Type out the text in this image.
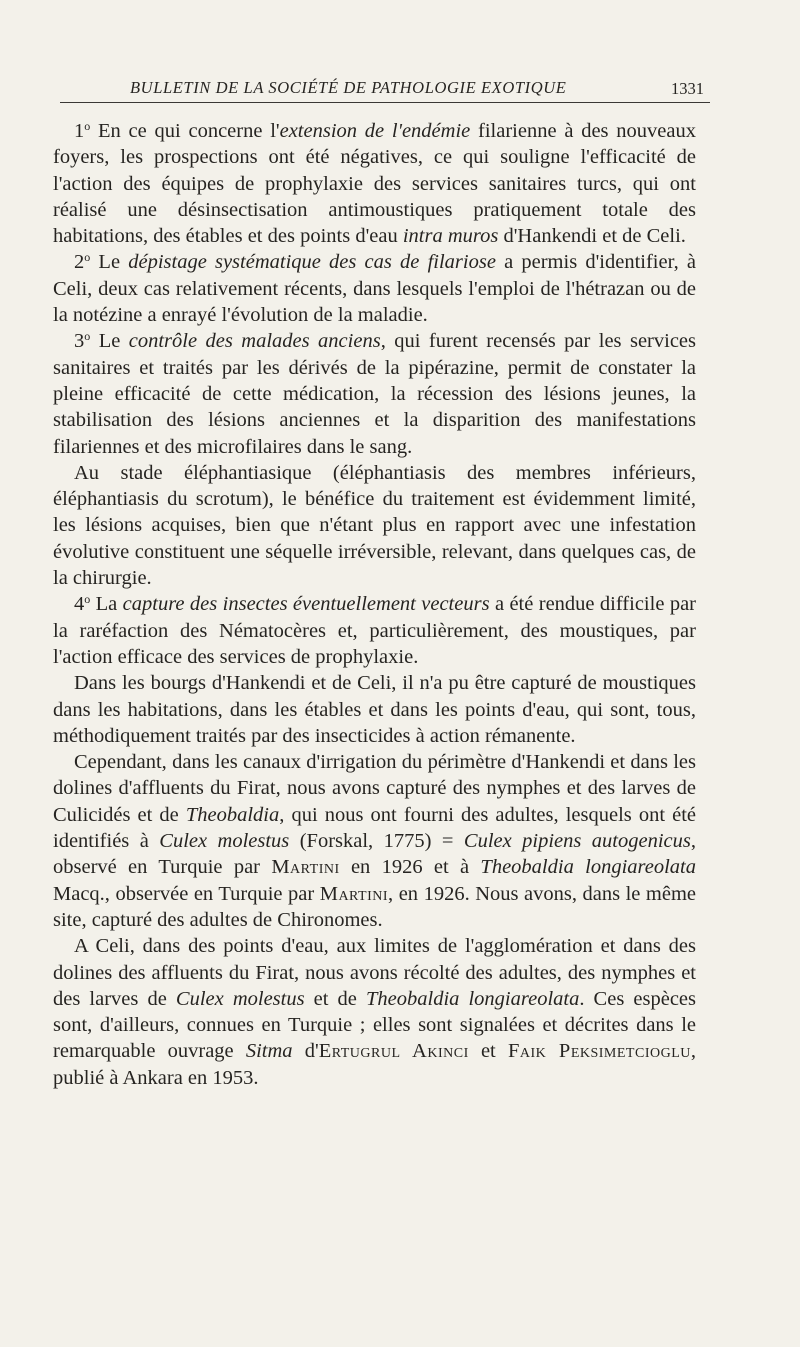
BULLETIN DE LA SOCIÉTÉ DE PATHOLOGIE EXOTIQUE	1331

1$^o$ En ce qui concerne l'extension de l'endémie filarienne à des nouveaux foyers, les prospections ont été négatives, ce qui souligne l'efficacité de l'action des équipes de prophylaxie des services sanitaires turcs, qui ont réalisé une désinsectisation antimoustiques pratiquement totale des habitations, des étables et des points d'eau intra muros d'Hankendi et de Celi.

2$^o$ Le dépistage systématique des cas de filariose a permis d'identifier, à Celi, deux cas relativement récents, dans lesquels l'emploi de l'hétrazan ou de la notézine a enrayé l'évolution de la maladie.

3$^o$ Le contrôle des malades anciens, qui furent recensés par les services sanitaires et traités par les dérivés de la pipérazine, permit de constater la pleine efficacité de cette médication, la récession des lésions jeunes, la stabilisation des lésions anciennes et la disparition des manifestations filariennes et des microfilaires dans le sang.

Au stade éléphantiasique (éléphantiasis des membres inférieurs, éléphantiasis du scrotum), le bénéfice du traitement est évidemment limité, les lésions acquises, bien que n'étant plus en rapport avec une infestation évolutive constituent une séquelle irréversible, relevant, dans quelques cas, de la chirurgie.

4$^o$ La capture des insectes éventuellement vecteurs a été rendue difficile par la raréfaction des Nématocères et, particulièrement, des moustiques, par l'action efficace des services de prophylaxie.

Dans les bourgs d'Hankendi et de Celi, il n'a pu être capturé de moustiques dans les habitations, dans les étables et dans les points d'eau, qui sont, tous, méthodiquement traités par des insecticides à action rémanente.

Cependant, dans les canaux d'irrigation du périmètre d'Hankendi et dans les dolines d'affluents du Firat, nous avons capturé des nymphes et des larves de Culicidés et de Theobaldia, qui nous ont fourni des adultes, lesquels ont été identifiés à Culex molestus (Forskal, 1775) = Culex pipiens autogenicus, observé en Turquie par Martini en 1926 et à Theobaldia longiareolata Macq., observée en Turquie par Martini, en 1926. Nous avons, dans le même site, capturé des adultes de Chironomes.

A Celi, dans des points d'eau, aux limites de l'agglomération et dans des dolines des affluents du Firat, nous avons récolté des adultes, des nymphes et des larves de Culex molestus et de Theobaldia longiareolata. Ces espèces sont, d'ailleurs, connues en Turquie ; elles sont signalées et décrites dans le remarquable ouvrage Sitma d'Ertugrul Akinci et Faik Peksimetcioglu, publié à Ankara en 1953.
